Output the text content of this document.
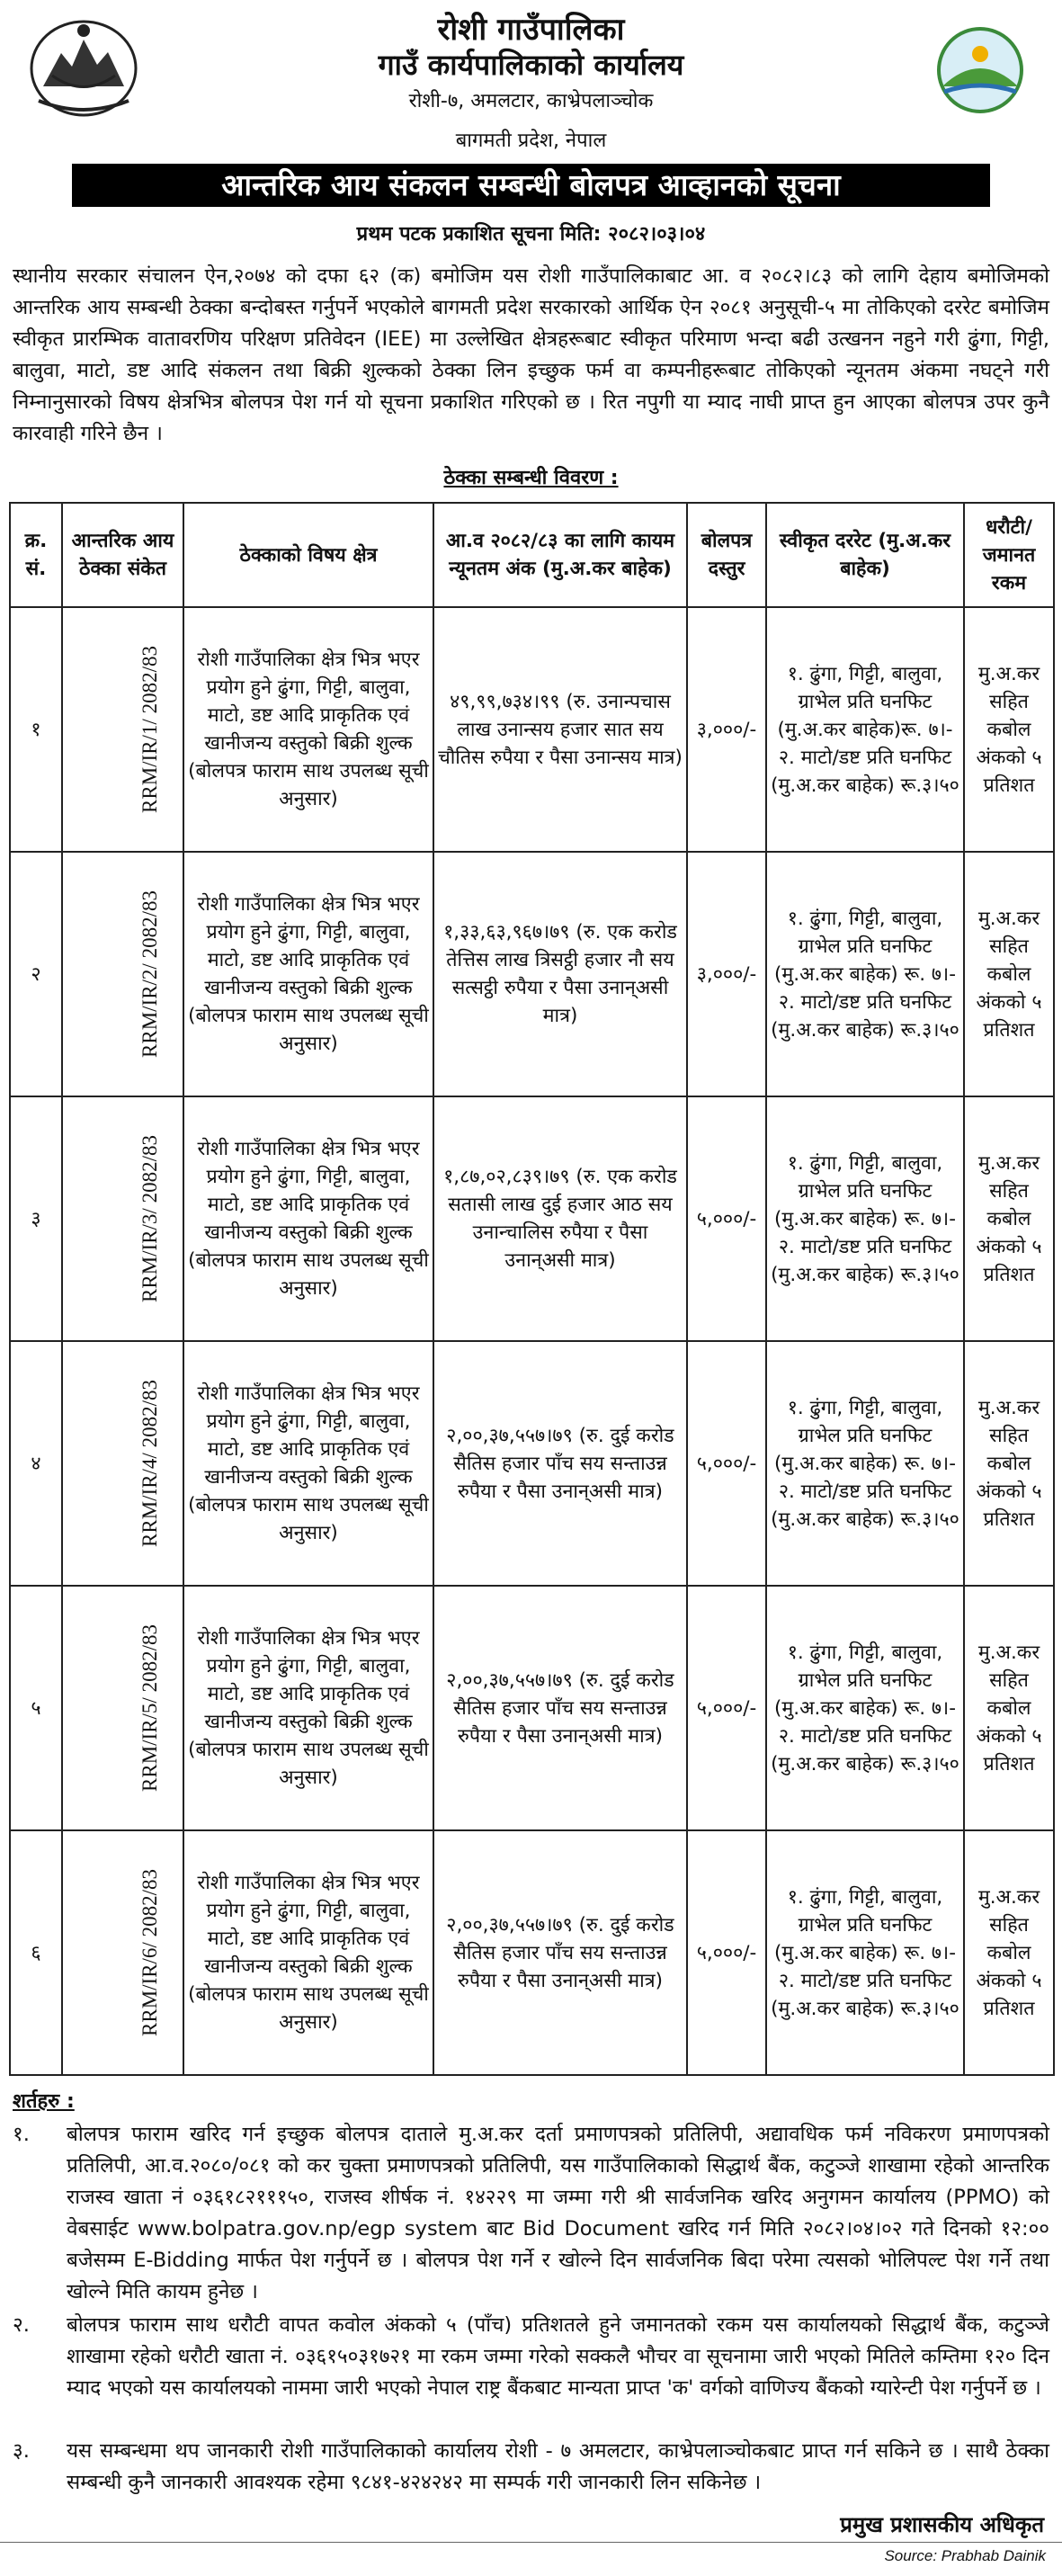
रोशी गाउँपालिका
गाउँ कार्यपालिकाको कार्यालय
रोशी-७, अमलटार, काभ्रेपलाञ्चोक
बागमती प्रदेश, नेपाल
आन्तरिक आय संकलन सम्बन्धी बोलपत्र आव्हानको सूचना
प्रथम पटक प्रकाशित सूचना मिति: २०८२।०३।०४
स्थानीय सरकार संचालन ऐन,२०७४ को दफा ६२ (क) बमोजिम यस रोशी गाउँपालिकाबाट आ. व २०८२।८३ को लागि देहाय बमोजिमको आन्तरिक आय सम्बन्धी ठेक्का बन्दोबस्त गर्नुपर्ने भएकोले बागमती प्रदेश सरकारको आर्थिक ऐन २०८१ अनुसूची-५ मा तोकिएको दररेट बमोजिम स्वीकृत प्रारम्भिक वातावरणिय परिक्षण प्रतिवेदन (IEE) मा उल्लेखित क्षेत्रहरूबाट स्वीकृत परिमाण भन्दा बढी उत्खनन नहुने गरी ढुंगा, गिट्टी, बालुवा, माटो, डष्ट आदि संकलन तथा बिक्री शुल्कको ठेक्का लिन इच्छुक फर्म वा कम्पनीहरूबाट तोकिएको न्यूनतम अंकमा नघट्ने गरी निम्नानुसारको विषय क्षेत्रभित्र बोलपत्र पेश गर्न यो सूचना प्रकाशित गरिएको छ । रित नपुगी या म्याद नाघी प्राप्त हुन आएका बोलपत्र उपर कुनै कारवाही गरिने छैन ।
ठेक्का सम्बन्धी विवरण :
क्र. सं.	आन्तरिक आय ठेक्का संकेत	ठेक्काको विषय क्षेत्र	आ.व २०८२/८३ का लागि कायम न्यूनतम अंक (मु.अ.कर बाहेक)	बोलपत्र दस्तुर	स्वीकृत दररेट (मु.अ.कर बाहेक)	धरौटी/ जमानत रकम
१	RRM/IR/1/ 2082/83	रोशी गाउँपालिका क्षेत्र भित्र भएर प्रयोग हुने ढुंगा, गिट्टी, बालुवा, माटो, डष्ट आदि प्राकृतिक एवं खानीजन्य वस्तुको बिक्री शुल्क (बोलपत्र फाराम साथ उपलब्ध सूची अनुसार)	४९,९९,७३४।९९ (रु. उनान्पचास लाख उनान्सय हजार सात सय चौतिस रुपैया र पैसा उनान्सय मात्र)	३,०००/-	१. ढुंगा, गिट्टी, बालुवा, ग्राभेल प्रति घनफिट (मु.अ.कर बाहेक)रू. ७।- २. माटो/डष्ट प्रति घनफिट (मु.अ.कर बाहेक) रू.३।५०	मु.अ.कर सहित कबोल अंकको ५ प्रतिशत
२	RRM/IR/2/ 2082/83	रोशी गाउँपालिका क्षेत्र भित्र भएर प्रयोग हुने ढुंगा, गिट्टी, बालुवा, माटो, डष्ट आदि प्राकृतिक एवं खानीजन्य वस्तुको बिक्री शुल्क (बोलपत्र फाराम साथ उपलब्ध सूची अनुसार)	१,३३,६३,९६७।७९ (रु. एक करोड तेत्तिस लाख त्रिसट्ठी हजार नौ सय सत्सट्ठी रुपैया र पैसा उनान्असी मात्र)	३,०००/-	१. ढुंगा, गिट्टी, बालुवा, ग्राभेल प्रति घनफिट (मु.अ.कर बाहेक) रू. ७।- २. माटो/डष्ट प्रति घनफिट (मु.अ.कर बाहेक) रू.३।५०	मु.अ.कर सहित कबोल अंकको ५ प्रतिशत
३	RRM/IR/3/ 2082/83	रोशी गाउँपालिका क्षेत्र भित्र भएर प्रयोग हुने ढुंगा, गिट्टी, बालुवा, माटो, डष्ट आदि प्राकृतिक एवं खानीजन्य वस्तुको बिक्री शुल्क (बोलपत्र फाराम साथ उपलब्ध सूची अनुसार)	१,८७,०२,८३९।७९ (रु. एक करोड सतासी लाख दुई हजार आठ सय उनान्चालिस रुपैया र पैसा उनान्असी मात्र)	५,०००/-	१. ढुंगा, गिट्टी, बालुवा, ग्राभेल प्रति घनफिट (मु.अ.कर बाहेक) रू. ७।- २. माटो/डष्ट प्रति घनफिट (मु.अ.कर बाहेक) रू.३।५०	मु.अ.कर सहित कबोल अंकको ५ प्रतिशत
४	RRM/IR/4/ 2082/83	रोशी गाउँपालिका क्षेत्र भित्र भएर प्रयोग हुने ढुंगा, गिट्टी, बालुवा, माटो, डष्ट आदि प्राकृतिक एवं खानीजन्य वस्तुको बिक्री शुल्क (बोलपत्र फाराम साथ उपलब्ध सूची अनुसार)	२,००,३७,५५७।७९ (रु. दुई करोड सैतिस हजार पाँच सय सन्ताउन्न रुपैया र पैसा उनान्असी मात्र)	५,०००/-	१. ढुंगा, गिट्टी, बालुवा, ग्राभेल प्रति घनफिट (मु.अ.कर बाहेक) रू. ७।- २. माटो/डष्ट प्रति घनफिट (मु.अ.कर बाहेक) रू.३।५०	मु.अ.कर सहित कबोल अंकको ५ प्रतिशत
५	RRM/IR/5/ 2082/83	रोशी गाउँपालिका क्षेत्र भित्र भएर प्रयोग हुने ढुंगा, गिट्टी, बालुवा, माटो, डष्ट आदि प्राकृतिक एवं खानीजन्य वस्तुको बिक्री शुल्क (बोलपत्र फाराम साथ उपलब्ध सूची अनुसार)	२,००,३७,५५७।७९ (रु. दुई करोड सैतिस हजार पाँच सय सन्ताउन्न रुपैया र पैसा उनान्असी मात्र)	५,०००/-	१. ढुंगा, गिट्टी, बालुवा, ग्राभेल प्रति घनफिट (मु.अ.कर बाहेक) रू. ७।- २. माटो/डष्ट प्रति घनफिट (मु.अ.कर बाहेक) रू.३।५०	मु.अ.कर सहित कबोल अंकको ५ प्रतिशत
६	RRM/IR/6/ 2082/83	रोशी गाउँपालिका क्षेत्र भित्र भएर प्रयोग हुने ढुंगा, गिट्टी, बालुवा, माटो, डष्ट आदि प्राकृतिक एवं खानीजन्य वस्तुको बिक्री शुल्क (बोलपत्र फाराम साथ उपलब्ध सूची अनुसार)	२,००,३७,५५७।७९ (रु. दुई करोड सैतिस हजार पाँच सय सन्ताउन्न रुपैया र पैसा उनान्असी मात्र)	५,०००/-	१. ढुंगा, गिट्टी, बालुवा, ग्राभेल प्रति घनफिट (मु.अ.कर बाहेक) रू. ७।- २. माटो/डष्ट प्रति घनफिट (मु.अ.कर बाहेक) रू.३।५०	मु.अ.कर सहित कबोल अंकको ५ प्रतिशत
शर्तहरु :
१.	बोलपत्र फाराम खरिद गर्न इच्छुक बोलपत्र दाताले मु.अ.कर दर्ता प्रमाणपत्रको प्रतिलिपी, अद्यावधिक फर्म नविकरण प्रमाणपत्रको प्रतिलिपी, आ.व.२०८०/०८१ को कर चुक्ता प्रमाणपत्रको प्रतिलिपी, यस गाउँपालिकाको सिद्धार्थ बैंक, कटुञ्जे शाखामा रहेको आन्तरिक राजस्व खाता नं ०३६१८२१११५०, राजस्व शीर्षक नं. १४२२९ मा जम्मा गरी श्री सार्वजनिक खरिद अनुगमन कार्यालय (PPMO) को वेबसाईट www.bolpatra.gov.np/egp system बाट Bid Document खरिद गर्न मिति २०८२।०४।०२ गते दिनको १२:०० बजेसम्म E-Bidding मार्फत पेश गर्नुपर्ने छ । बोलपत्र पेश गर्ने र खोल्ने दिन सार्वजनिक बिदा परेमा त्यसको भोलिपल्ट पेश गर्ने तथा खोल्ने मिति कायम हुनेछ ।
२.	बोलपत्र फाराम साथ धरौटी वापत कवोल अंकको ५ (पाँच) प्रतिशतले हुने जमानतको रकम यस कार्यालयको सिद्धार्थ बैंक, कटुञ्जे शाखामा रहेको धरौटी खाता नं. ०३६१५०३१७२१ मा रकम जम्मा गरेको सक्कलै भौचर वा सूचनामा जारी भएको मितिले कम्तिमा १२० दिन म्याद भएको यस कार्यालयको नाममा जारी भएको नेपाल राष्ट्र बैंकबाट मान्यता प्राप्त 'क' वर्गको वाणिज्य बैंकको ग्यारेन्टी पेश गर्नुपर्ने छ ।
३.	यस सम्बन्धमा थप जानकारी रोशी गाउँपालिकाको कार्यालय रोशी - ७ अमलटार, काभ्रेपलाञ्चोकबाट प्राप्त गर्न सकिने छ । साथै ठेक्का सम्बन्धी कुनै जानकारी आवश्यक रहेमा ९८४१-४२४२४२ मा सम्पर्क गरी जानकारी लिन सकिनेछ ।
प्रमुख प्रशासकीय अधिकृत
Source: Prabhab Dainik
